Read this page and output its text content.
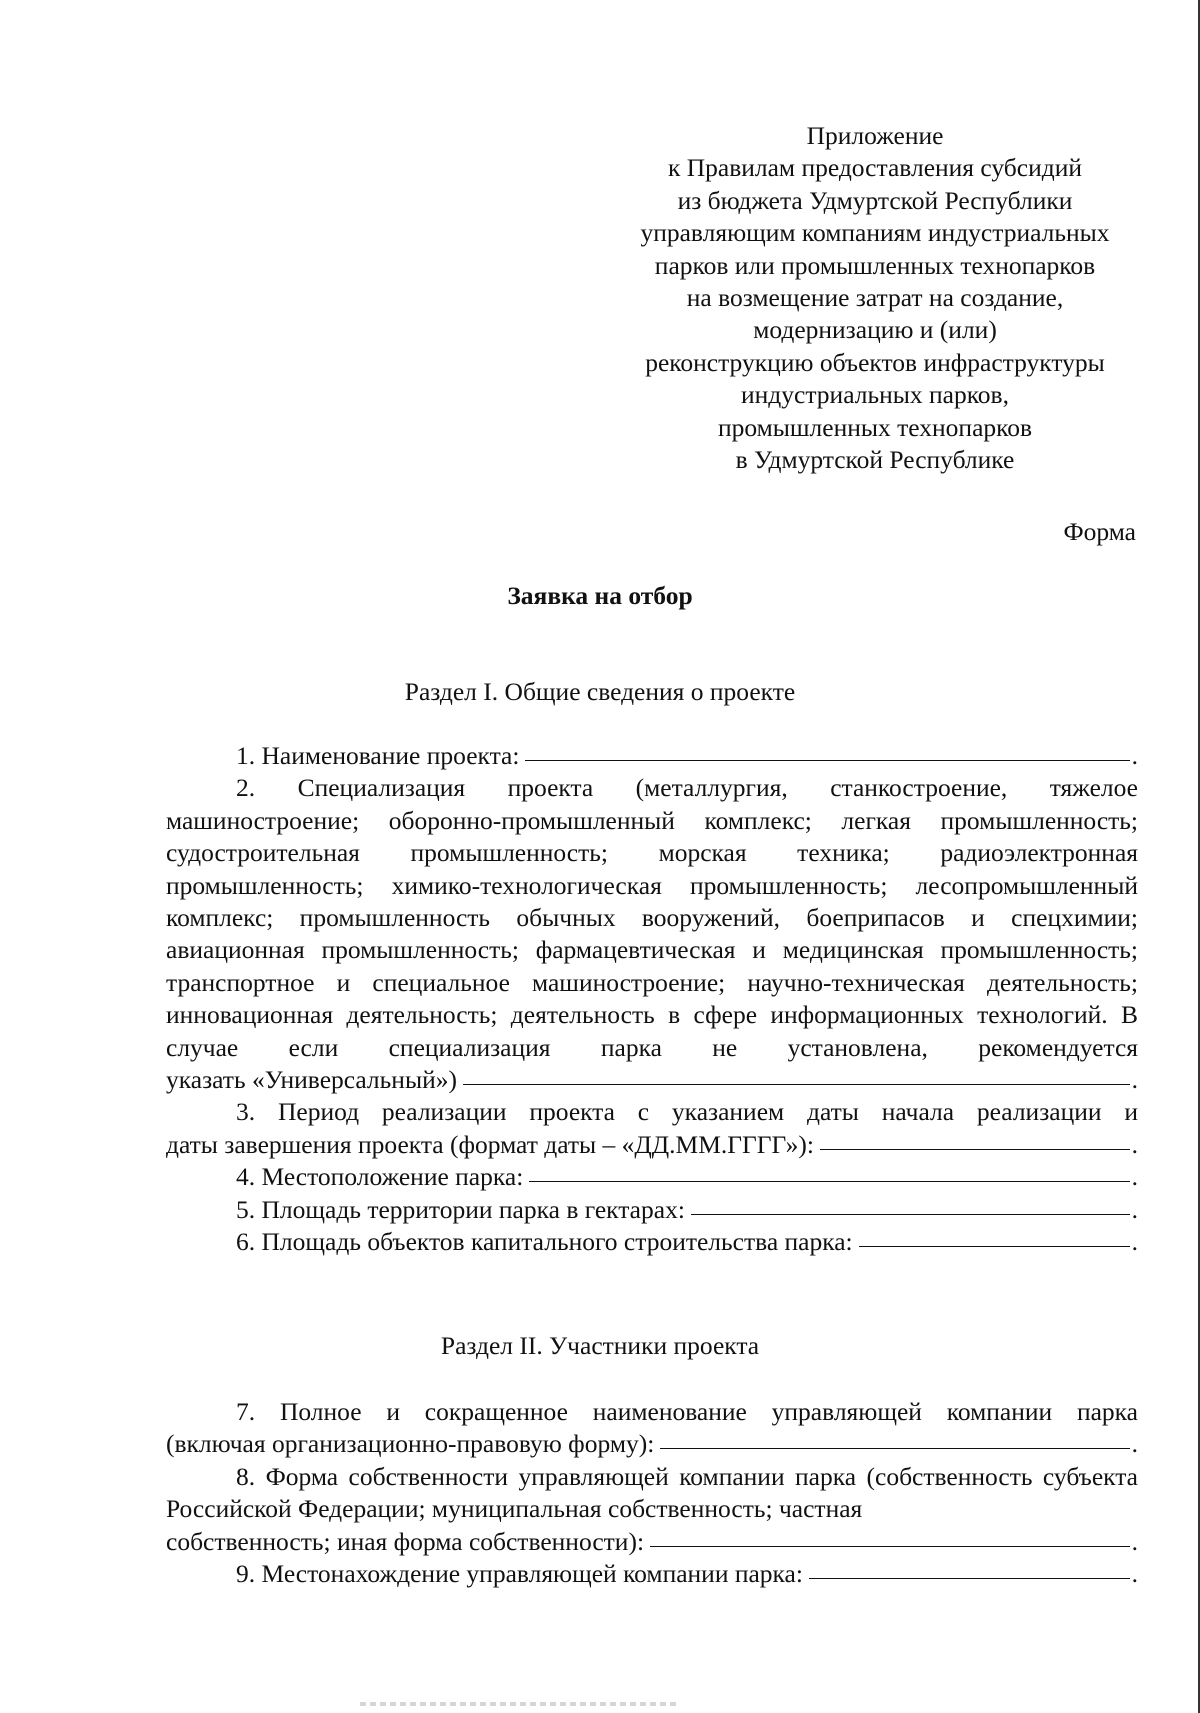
Приложение
к Правилам предоставления субсидий
из бюджета Удмуртской Республики
управляющим компаниям индустриальных
парков или промышленных технопарков
на возмещение затрат на создание,
модернизацию и (или)
реконструкцию объектов инфраструктуры
индустриальных парков,
промышленных технопарков
в Удмуртской Республике
Форма
Заявка на отбор
Раздел I. Общие сведения о проекте
1. Наименование проекта:	.

2. Специализация проекта (металлургия, станкостроение, тяжелое машиностроение; оборонно-промышленный комплекс; легкая промышленность; судостроительная промышленность; морская техника; радиоэлектронная промышленность; химико-технологическая промышленность; лесопромышленный комплекс; промышленность обычных вооружений, боеприпасов и спецхимии; авиационная промышленность; фармацевтическая и медицинская промышленность; транспортное и специальное машиностроение; научно-техническая деятельность; инновационная деятельность; деятельность в сфере информационных технологий. В случае если специализация парка не установлена, рекомендуется

указать «Универсальный»)	.

3. Период реализации проекта с указанием даты начала реализации и

даты завершения проекта (формат даты – «ДД.ММ.ГГГГ»):	.
4. Местоположение парка:	.
5. Площадь территории парка в гектарах:	.
6. Площадь объектов капитального строительства парка:	.
Раздел II. Участники проекта

7. Полное и сокращенное наименование управляющей компании парка

(включая организационно-правовую форму):	.

8. Форма собственности управляющей компании парка (собственность субъекта Российской Федерации; муниципальная собственность; частная

собственность; иная форма собственности):	.
9. Местонахождение управляющей компании парка:	.
